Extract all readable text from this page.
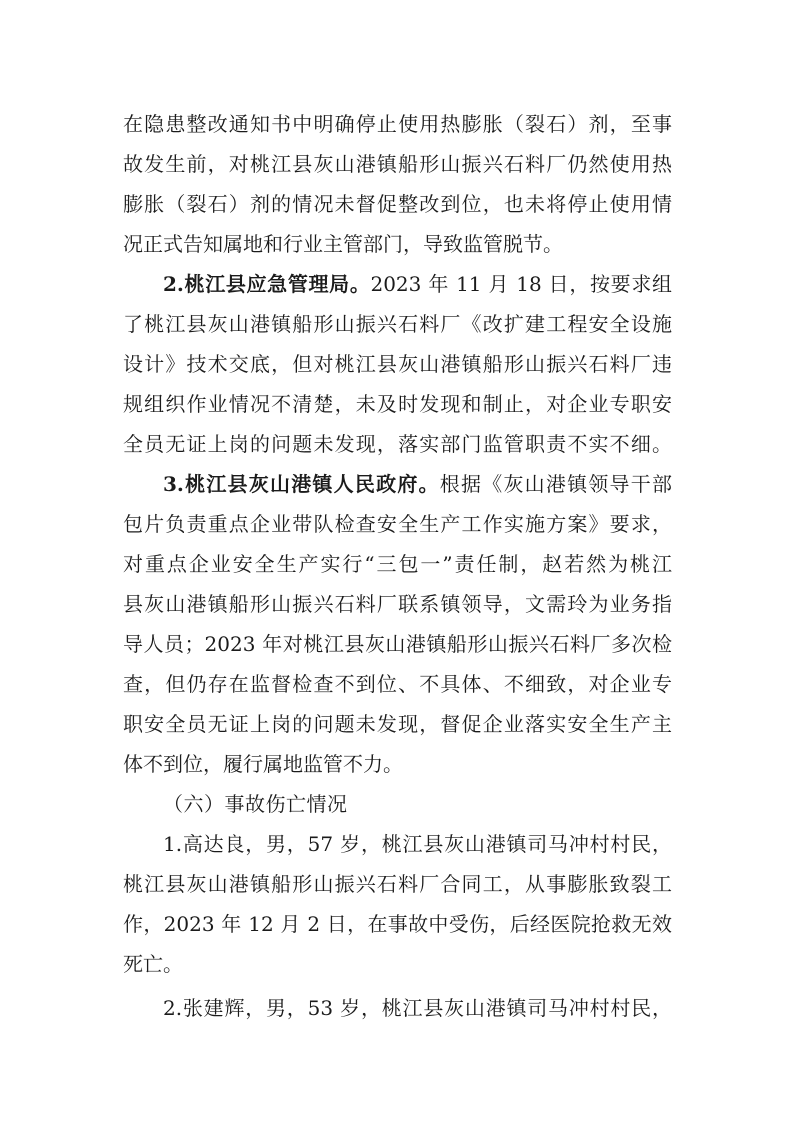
在隐患整改通知书中明确停止使用热膨胀（裂石）剂，至事
故发生前，对桃江县灰山港镇船形山振兴石料厂仍然使用热
膨胀（裂石）剂的情况未督促整改到位，也未将停止使用情
况正式告知属地和行业主管部门，导致监管脱节。
2.桃江县应急管理局。2023 年 11 月 18 日，按要求组
了桃江县灰山港镇船形山振兴石料厂《改扩建工程安全设施
设计》技术交底，但对桃江县灰山港镇船形山振兴石料厂违
规组织作业情况不清楚，未及时发现和制止，对企业专职安
全员无证上岗的问题未发现，落实部门监管职责不实不细。
3.桃江县灰山港镇人民政府。根据《灰山港镇领导干部
包片负责重点企业带队检查安全生产工作实施方案》要求，
对重点企业安全生产实行“三包一”责任制，赵若然为桃江
县灰山港镇船形山振兴石料厂联系镇领导，文需玲为业务指
导人员；2023 年对桃江县灰山港镇船形山振兴石料厂多次检
查，但仍存在监督检查不到位、不具体、不细致，对企业专
职安全员无证上岗的问题未发现，督促企业落实安全生产主
体不到位，履行属地监管不力。
（六）事故伤亡情况
1.高达良，男，57 岁，桃江县灰山港镇司马冲村村民，
桃江县灰山港镇船形山振兴石料厂合同工，从事膨胀致裂工
作，2023 年 12 月 2 日，在事故中受伤，后经医院抢救无效
死亡。
2.张建辉，男，53 岁，桃江县灰山港镇司马冲村村民，
